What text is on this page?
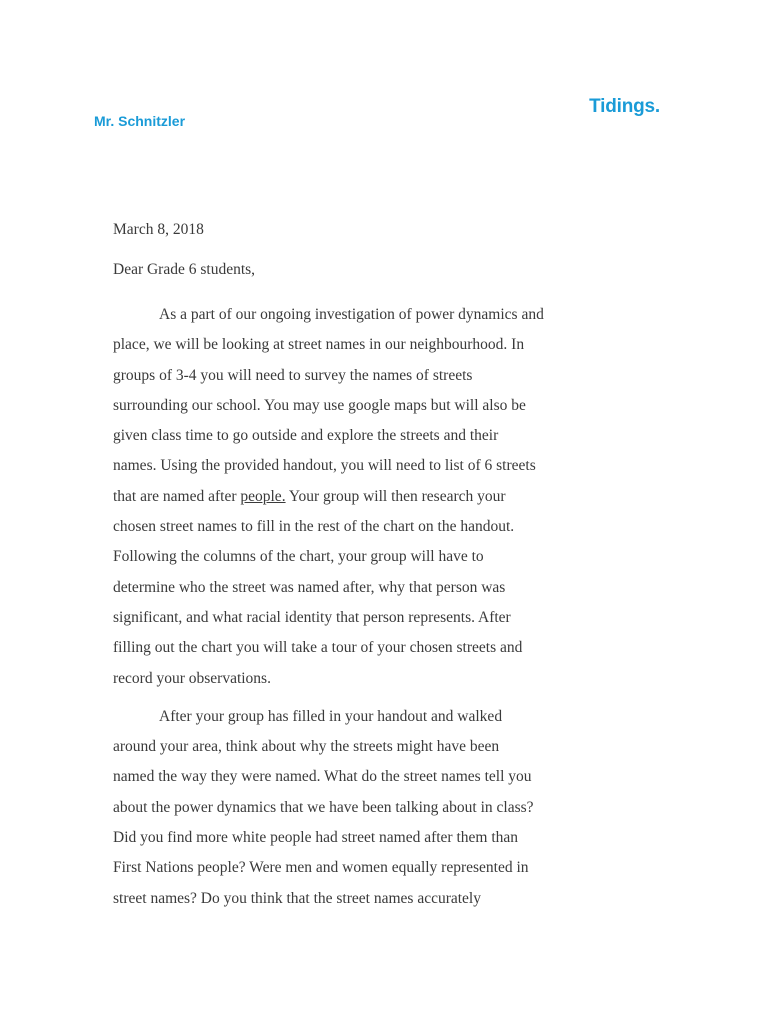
Tidings.
Mr. Schnitzler

March 8, 2018

Dear Grade 6 students,

As a part of our ongoing investigation of power dynamics and
place, we will be looking at street names in our neighbourhood. In
groups of 3-4 you will need to survey the names of streets
surrounding our school. You may use google maps but will also be
given class time to go outside and explore the streets and their
names. Using the provided handout, you will need to list of 6 streets
that are named after people. Your group will then research your
chosen street names to fill in the rest of the chart on the handout.
Following the columns of the chart, your group will have to
determine who the street was named after, why that person was
significant, and what racial identity that person represents. After
filling out the chart you will take a tour of your chosen streets and
record your observations.

After your group has filled in your handout and walked
around your area, think about why the streets might have been
named the way they were named. What do the street names tell you
about the power dynamics that we have been talking about in class?
Did you find more white people had street named after them than
First Nations people? Were men and women equally represented in
street names? Do you think that the street names accurately
